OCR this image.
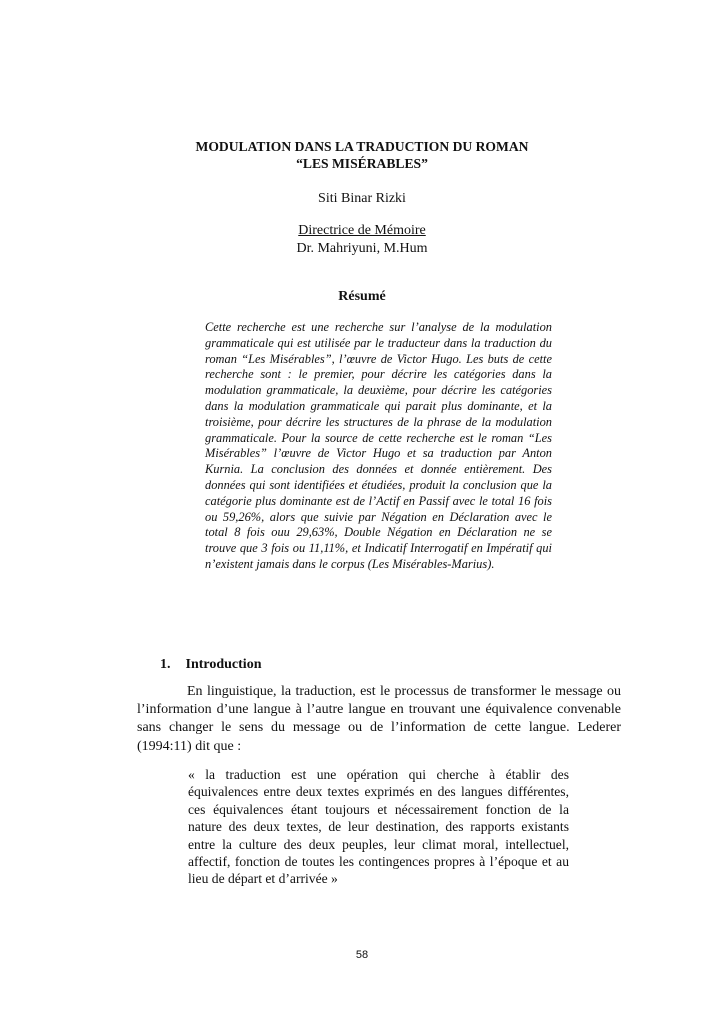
MODULATION DANS LA TRADUCTION DU ROMAN
“LES MISÉRABLES”
Siti Binar Rizki
Directrice de Mémoire
Dr. Mahriyuni, M.Hum
Résumé
Cette recherche est une recherche sur l’analyse de la modulation grammaticale qui est utilisée par le traducteur dans la traduction du roman “Les Misérables”, l’œuvre de Victor Hugo. Les buts de cette recherche sont : le premier, pour décrire les catégories dans la modulation grammaticale, la deuxième, pour décrire les catégories dans la modulation grammaticale qui parait plus dominante, et la troisième, pour décrire les structures de la phrase de la modulation grammaticale. Pour la source de cette recherche est le roman “Les Misérables” l’œuvre de Victor Hugo et sa traduction par Anton Kurnia. La conclusion des données et donnée entièrement. Des données qui sont identifiées et étudiées, produit la conclusion que la catégorie plus dominante est de l’Actif en Passif avec le total 16 fois ou 59,26%, alors que suivie par Négation en Déclaration avec le total 8 fois ouu 29,63%, Double Négation en Déclaration ne se trouve que 3 fois ou 11,11%, et Indicatif Interrogatif en Impératif qui n’existent jamais dans le corpus (Les Misérables-Marius).
1. Introduction
En linguistique, la traduction, est le processus de transformer le message ou l’information d’une langue à l’autre langue en trouvant une équivalence convenable sans changer le sens du message ou de l’information de cette langue. Lederer (1994:11) dit que :
« la traduction est une opération qui cherche à établir des équivalences entre deux textes exprimés en des langues différentes, ces équivalences étant toujours et nécessairement fonction de la nature des deux textes, de leur destination, des rapports existants entre la culture des deux peuples, leur climat moral, intellectuel, affectif, fonction de toutes les contingences propres à l’époque et au lieu de départ et d’arrivée »
58
